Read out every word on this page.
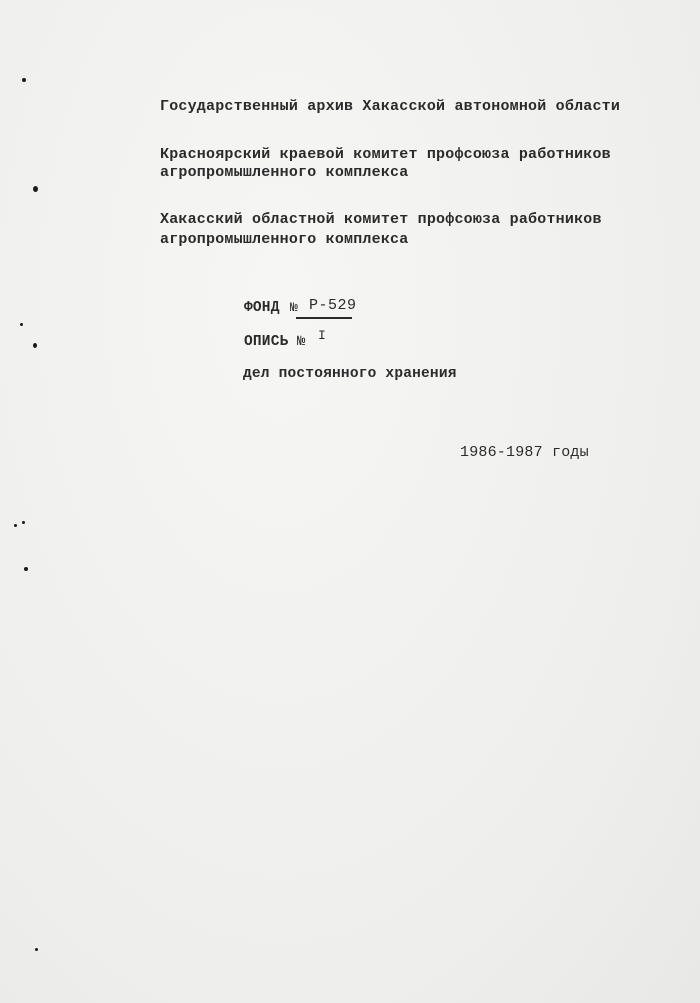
Государственный архив Хакасской автономной области
Красноярский краевой комитет профсоюза работников
агропромышленного комплекса
Хакасский областной комитет профсоюза работников
агропромышленного комплекса
ФОНД № Р-529
ОПИСЬ № I
дел постоянного хранения
1986-1987 годы
